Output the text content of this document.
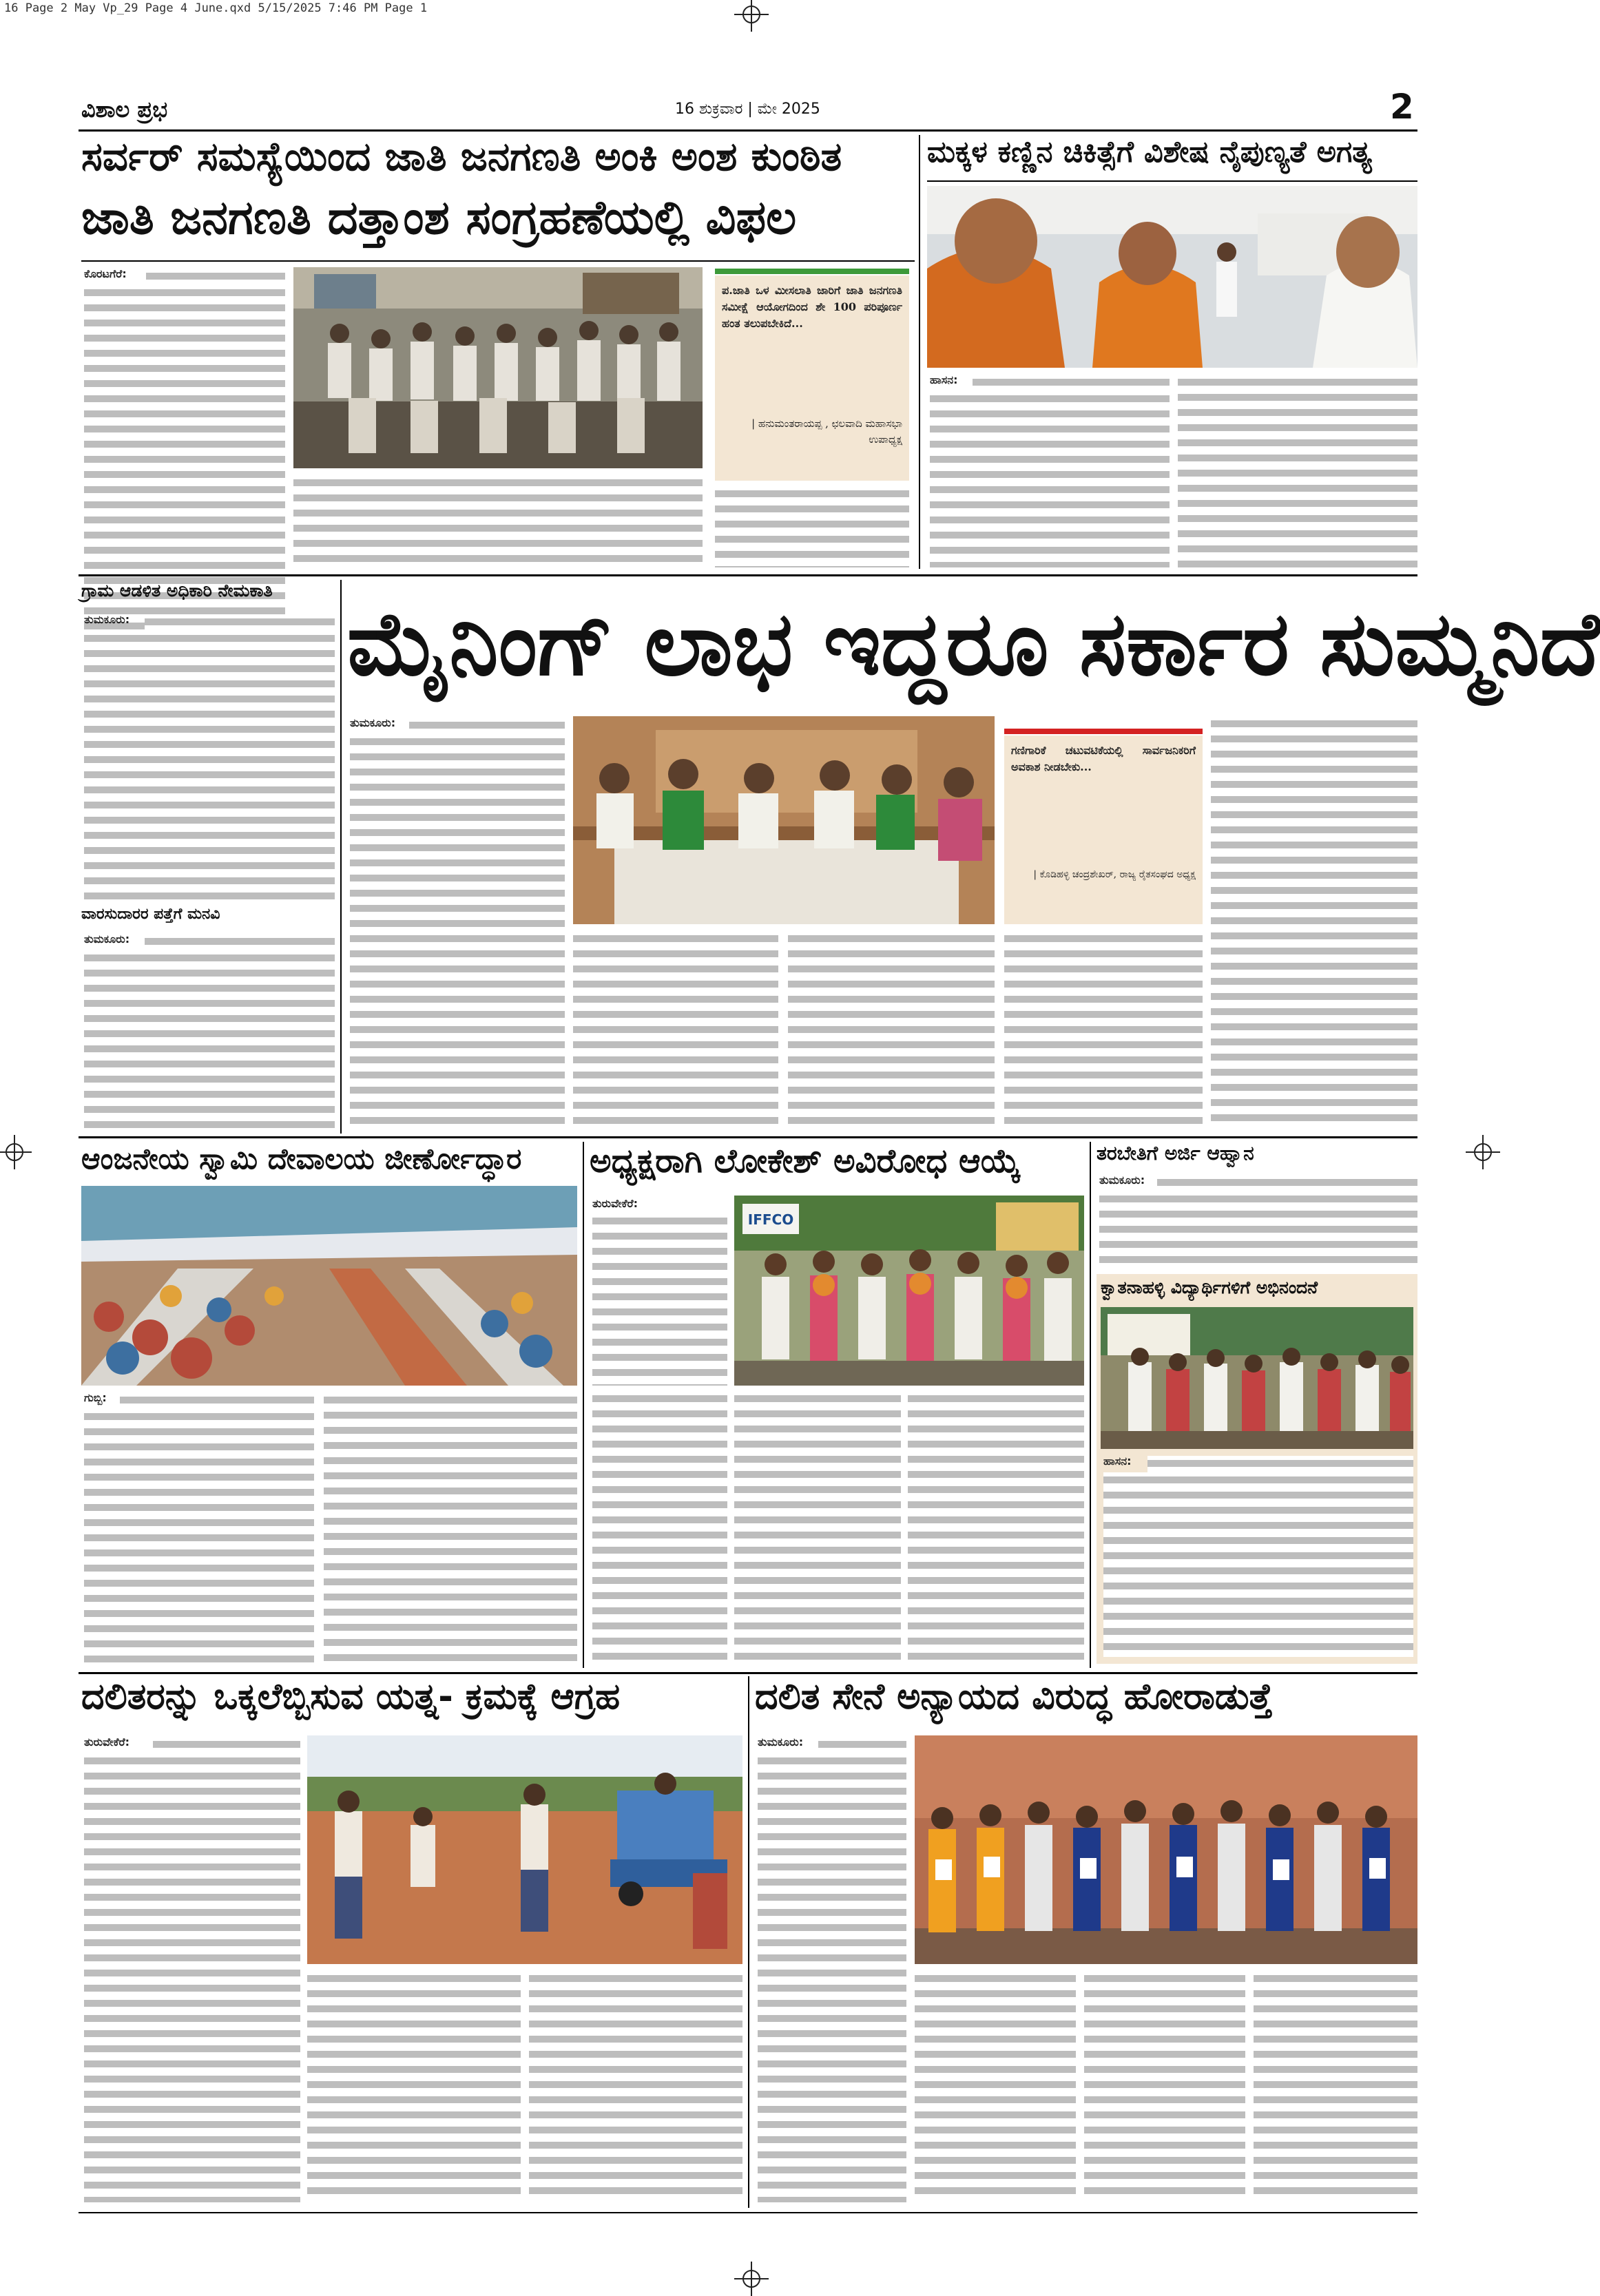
16 Page 2 May Vp_29 Page 4 June.qxd 5/15/2025 7:46 PM Page 1
ವಿಶಾಲ ಪ್ರಭ	16 ಶುಕ್ರವಾರ | ಮೇ 2025	2
ಸರ್ವರ್ ಸಮಸ್ಯೆಯಿಂದ ಜಾತಿ ಜನಗಣತಿ ಅಂಕಿ ಅಂಶ ಕುಂಠಿತ
ಜಾತಿ ಜನಗಣತಿ ದತ್ತಾಂಶ ಸಂಗ್ರಹಣೆಯಲ್ಲಿ ವಿಫಲ
ಕೊರಟಗೆರೆ:
ಪ.ಜಾತಿ ಒಳ ಮೀಸಲಾತಿ ಜಾರಿಗೆ ಜಾತಿ ಜನಗಣತಿ ಸಮೀಕ್ಷೆ ಆಯೋಗದಿಂದ ಶೇ 100 ಪರಿಪೂರ್ಣ ಹಂತ ತಲುಪಬೇಕಿದೆ...
| ಹನುಮಂತರಾಯಪ್ಪ , ಛಲವಾದಿ ಮಹಾಸಭಾ ಉಪಾಧ್ಯಕ್ಷ
ಮಕ್ಕಳ ಕಣ್ಣಿನ ಚಿಕಿತ್ಸೆಗೆ ವಿಶೇಷ ನೈಪುಣ್ಯತೆ ಅಗತ್ಯ
ಹಾಸನ:
ಗ್ರಾಮ ಆಡಳಿತ ಅಧಿಕಾರಿ ನೇಮಕಾತಿ
ತುಮಕೂರು:
ವಾರಸುದಾರರ ಪತ್ತೆಗೆ ಮನವಿ
ತುಮಕೂರು:
ಮೈನಿಂಗ್ ಲಾಭ ಇದ್ದರೂ ಸರ್ಕಾರ ಸುಮ್ಮನಿದೆ
ತುಮಕೂರು:
ಗಣಿಗಾರಿಕೆ ಚಟುವಟಿಕೆಯಲ್ಲಿ ಸಾರ್ವಜನಿಕರಿಗೆ ಅವಕಾಶ ನೀಡಬೇಕು...
| ಕೊಡಿಹಳ್ಳಿ ಚಂದ್ರಶೇಖರ್, ರಾಜ್ಯ ರೈತಸಂಘದ ಅಧ್ಯಕ್ಷ
ಆಂಜನೇಯ ಸ್ವಾಮಿ ದೇವಾಲಯ ಜೀರ್ಣೋದ್ಧಾರ
ಗುಬ್ಬಿ:
ಅಧ್ಯಕ್ಷರಾಗಿ ಲೋಕೇಶ್ ಅವಿರೋಧ ಆಯ್ಕೆ
ತುರುವೇಕೆರೆ:
IFFCO
ತರಬೇತಿಗೆ ಅರ್ಜಿ ಆಹ್ವಾನ
ತುಮಕೂರು:
ಕ್ವಾತನಾಹಳ್ಳಿ ವಿದ್ಯಾರ್ಥಿಗಳಿಗೆ ಅಭಿನಂದನೆ
ಹಾಸನ:
ದಲಿತರನ್ನು ಒಕ್ಕಲೆಬ್ಬಿಸುವ ಯತ್ನ- ಕ್ರಮಕ್ಕೆ ಆಗ್ರಹ
ತುರುವೇಕೆರೆ:
ದಲಿತ ಸೇನೆ ಅನ್ಯಾಯದ ವಿರುದ್ಧ ಹೋರಾಡುತ್ತೆ
ತುಮಕೂರು:
